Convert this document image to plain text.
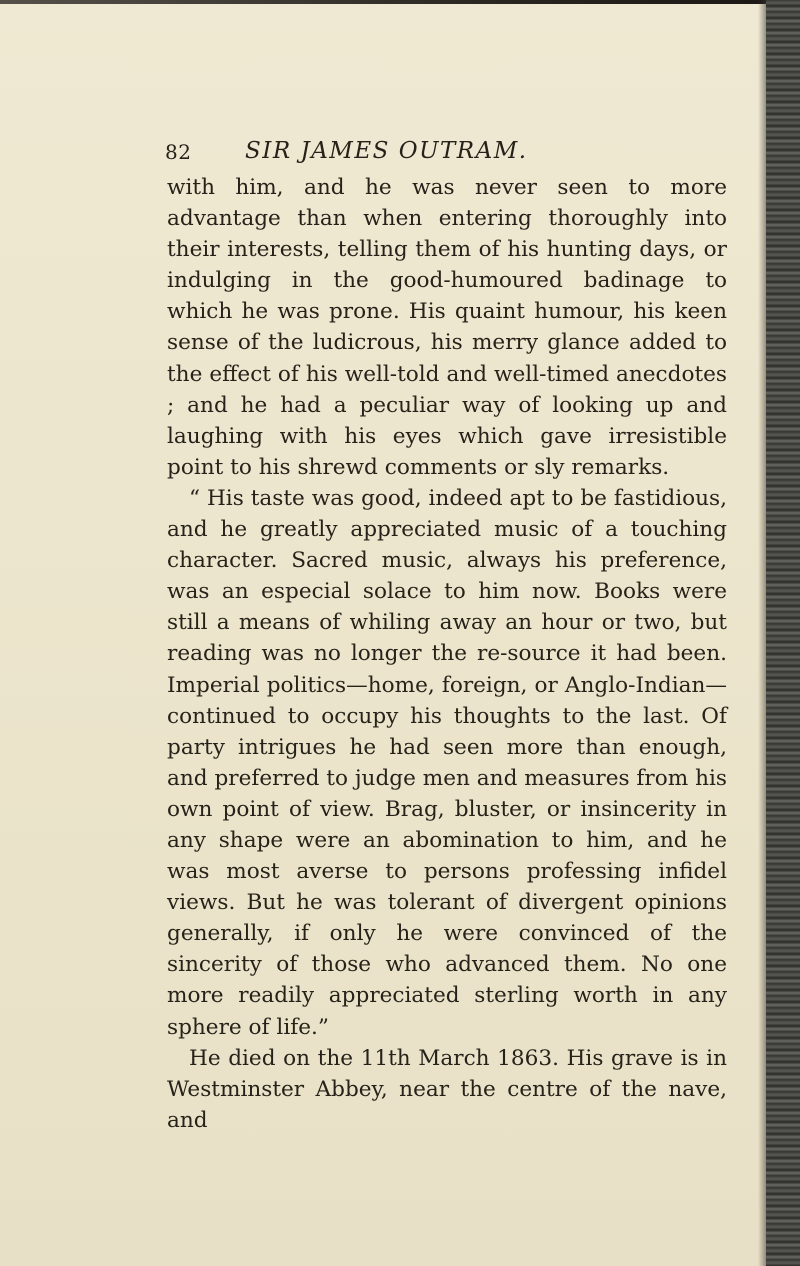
82 SIR JAMES OUTRAM.

with him, and he was never seen to more advantage than when entering thoroughly into their interests, telling them of his hunting days, or indulging in the good-humoured badinage to which he was prone. His quaint humour, his keen sense of the ludicrous, his merry glance added to the effect of his well-told and well-timed anecdotes ; and he had a peculiar way of looking up and laughing with his eyes which gave irresistible point to his shrewd comments or sly remarks.

“ His taste was good, indeed apt to be fastidious, and he greatly appreciated music of a touching character. Sacred music, always his preference, was an especial solace to him now. Books were still a means of whiling away an hour or two, but reading was no longer the re-source it had been. Imperial politics—home, foreign, or Anglo-Indian—continued to occupy his thoughts to the last. Of party intrigues he had seen more than enough, and preferred to judge men and measures from his own point of view. Brag, bluster, or insincerity in any shape were an abomination to him, and he was most averse to persons professing infidel views. But he was tolerant of divergent opinions generally, if only he were convinced of the sincerity of those who advanced them. No one more readily appreciated sterling worth in any sphere of life.”

He died on the 11th March 1863. His grave is in Westminster Abbey, near the centre of the nave, and
